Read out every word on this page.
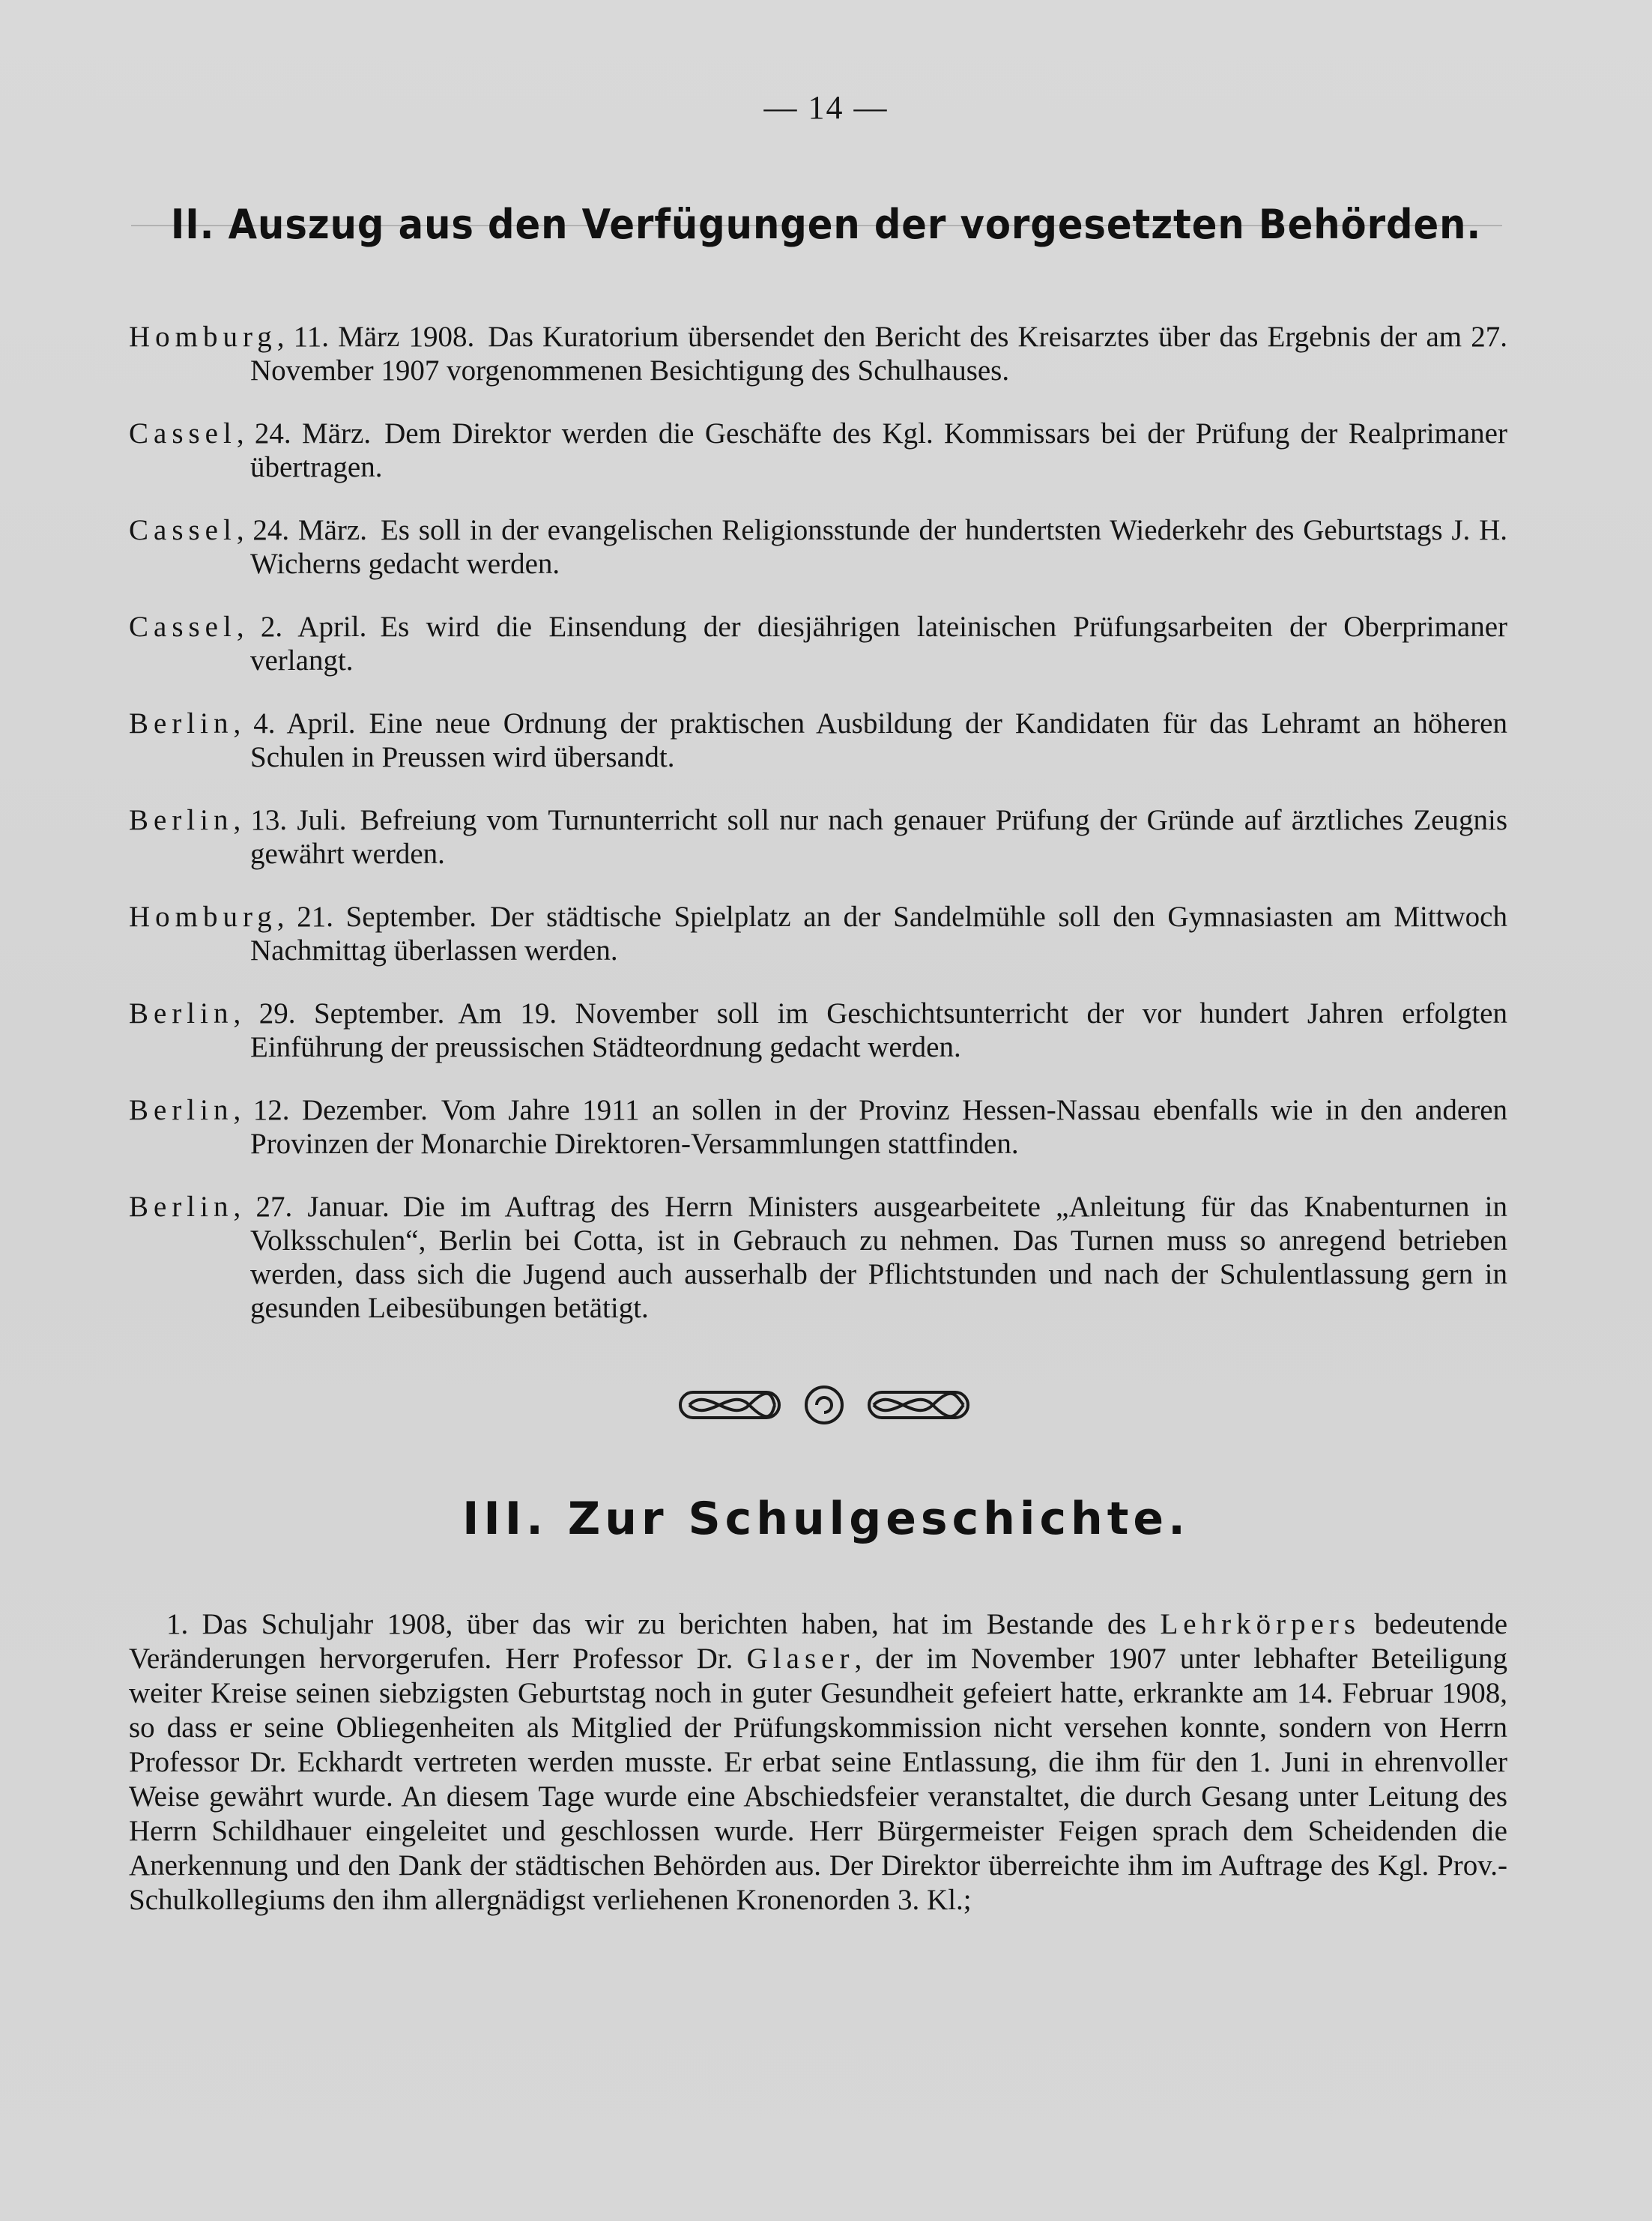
— 14 —
II. Auszug aus den Verfügungen der vorgesetzten Behörden.

Homburg, 11. März 1908. Das Kuratorium übersendet den Bericht des Kreisarztes über das Ergebnis der am 27. November 1907 vorgenommenen Besichtigung des Schulhauses.

Cassel, 24. März. Dem Direktor werden die Geschäfte des Kgl. Kommissars bei der Prüfung der Realprimaner übertragen.

Cassel, 24. März. Es soll in der evangelischen Religionsstunde der hundertsten Wiederkehr des Geburtstags J. H. Wicherns gedacht werden.

Cassel, 2. April. Es wird die Einsendung der diesjährigen lateinischen Prüfungsarbeiten der Oberprimaner verlangt.

Berlin, 4. April. Eine neue Ordnung der praktischen Ausbildung der Kandidaten für das Lehramt an höheren Schulen in Preussen wird übersandt.

Berlin, 13. Juli. Befreiung vom Turnunterricht soll nur nach genauer Prüfung der Gründe auf ärztliches Zeugnis gewährt werden.

Homburg, 21. September. Der städtische Spielplatz an der Sandelmühle soll den Gymnasiasten am Mittwoch Nachmittag überlassen werden.

Berlin, 29. September. Am 19. November soll im Geschichtsunterricht der vor hundert Jahren erfolgten Einführung der preussischen Städteordnung gedacht werden.

Berlin, 12. Dezember. Vom Jahre 1911 an sollen in der Provinz Hessen-Nassau ebenfalls wie in den anderen Provinzen der Monarchie Direktoren-Versammlungen stattfinden.

Berlin, 27. Januar. Die im Auftrag des Herrn Ministers ausgearbeitete „Anleitung für das Knabenturnen in Volksschulen“, Berlin bei Cotta, ist in Gebrauch zu nehmen. Das Turnen muss so anregend betrieben werden, dass sich die Jugend auch ausserhalb der Pflichtstunden und nach der Schulentlassung gern in gesunden Leibesübungen betätigt.

III. Zur Schulgeschichte.

1. Das Schuljahr 1908, über das wir zu berichten haben, hat im Bestande des Lehrkörpers bedeutende Veränderungen hervorgerufen. Herr Professor Dr. Glaser, der im November 1907 unter lebhafter Beteiligung weiter Kreise seinen siebzigsten Geburtstag noch in guter Gesundheit gefeiert hatte, erkrankte am 14. Februar 1908, so dass er seine Obliegenheiten als Mitglied der Prüfungskommission nicht versehen konnte, sondern von Herrn Professor Dr. Eckhardt vertreten werden musste. Er erbat seine Entlassung, die ihm für den 1. Juni in ehrenvoller Weise gewährt wurde. An diesem Tage wurde eine Abschiedsfeier veranstaltet, die durch Gesang unter Leitung des Herrn Schildhauer eingeleitet und geschlossen wurde. Herr Bürgermeister Feigen sprach dem Scheidenden die Anerkennung und den Dank der städtischen Behörden aus. Der Direktor überreichte ihm im Auftrage des Kgl. Prov.-Schulkollegiums den ihm allergnädigst verliehenen Kronenorden 3. Kl.;
